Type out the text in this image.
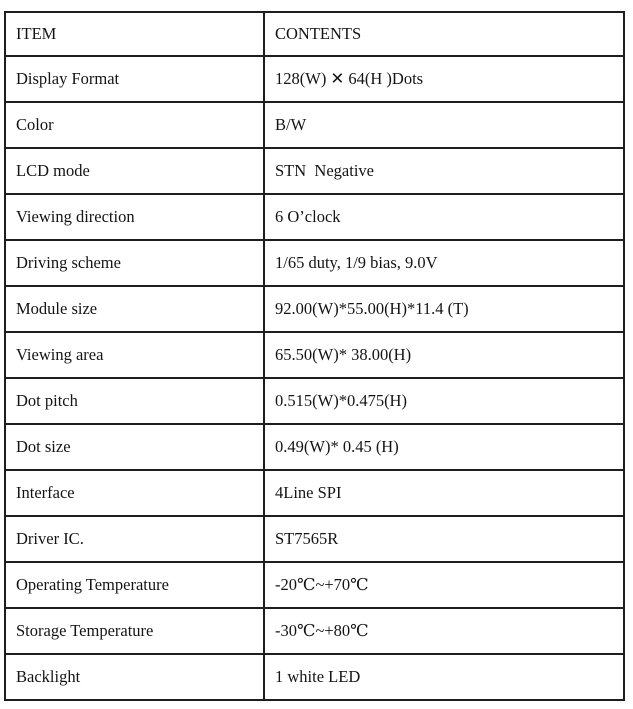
ITEM	CONTENTS
Display Format	128(W) ✕ 64(H )Dots
Color	B/W
LCD mode	STN  Negative
Viewing direction	6 O’clock
Driving scheme	1/65 duty, 1/9 bias, 9.0V
Module size	92.00(W)*55.00(H)*11.4 (T)
Viewing area	65.50(W)* 38.00(H)
Dot pitch	0.515(W)*0.475(H)
Dot size	0.49(W)* 0.45 (H)
Interface	4Line SPI
Driver IC.	ST7565R
Operating Temperature	-20℃~+70℃
Storage Temperature	-30℃~+80℃
Backlight	1 white LED
